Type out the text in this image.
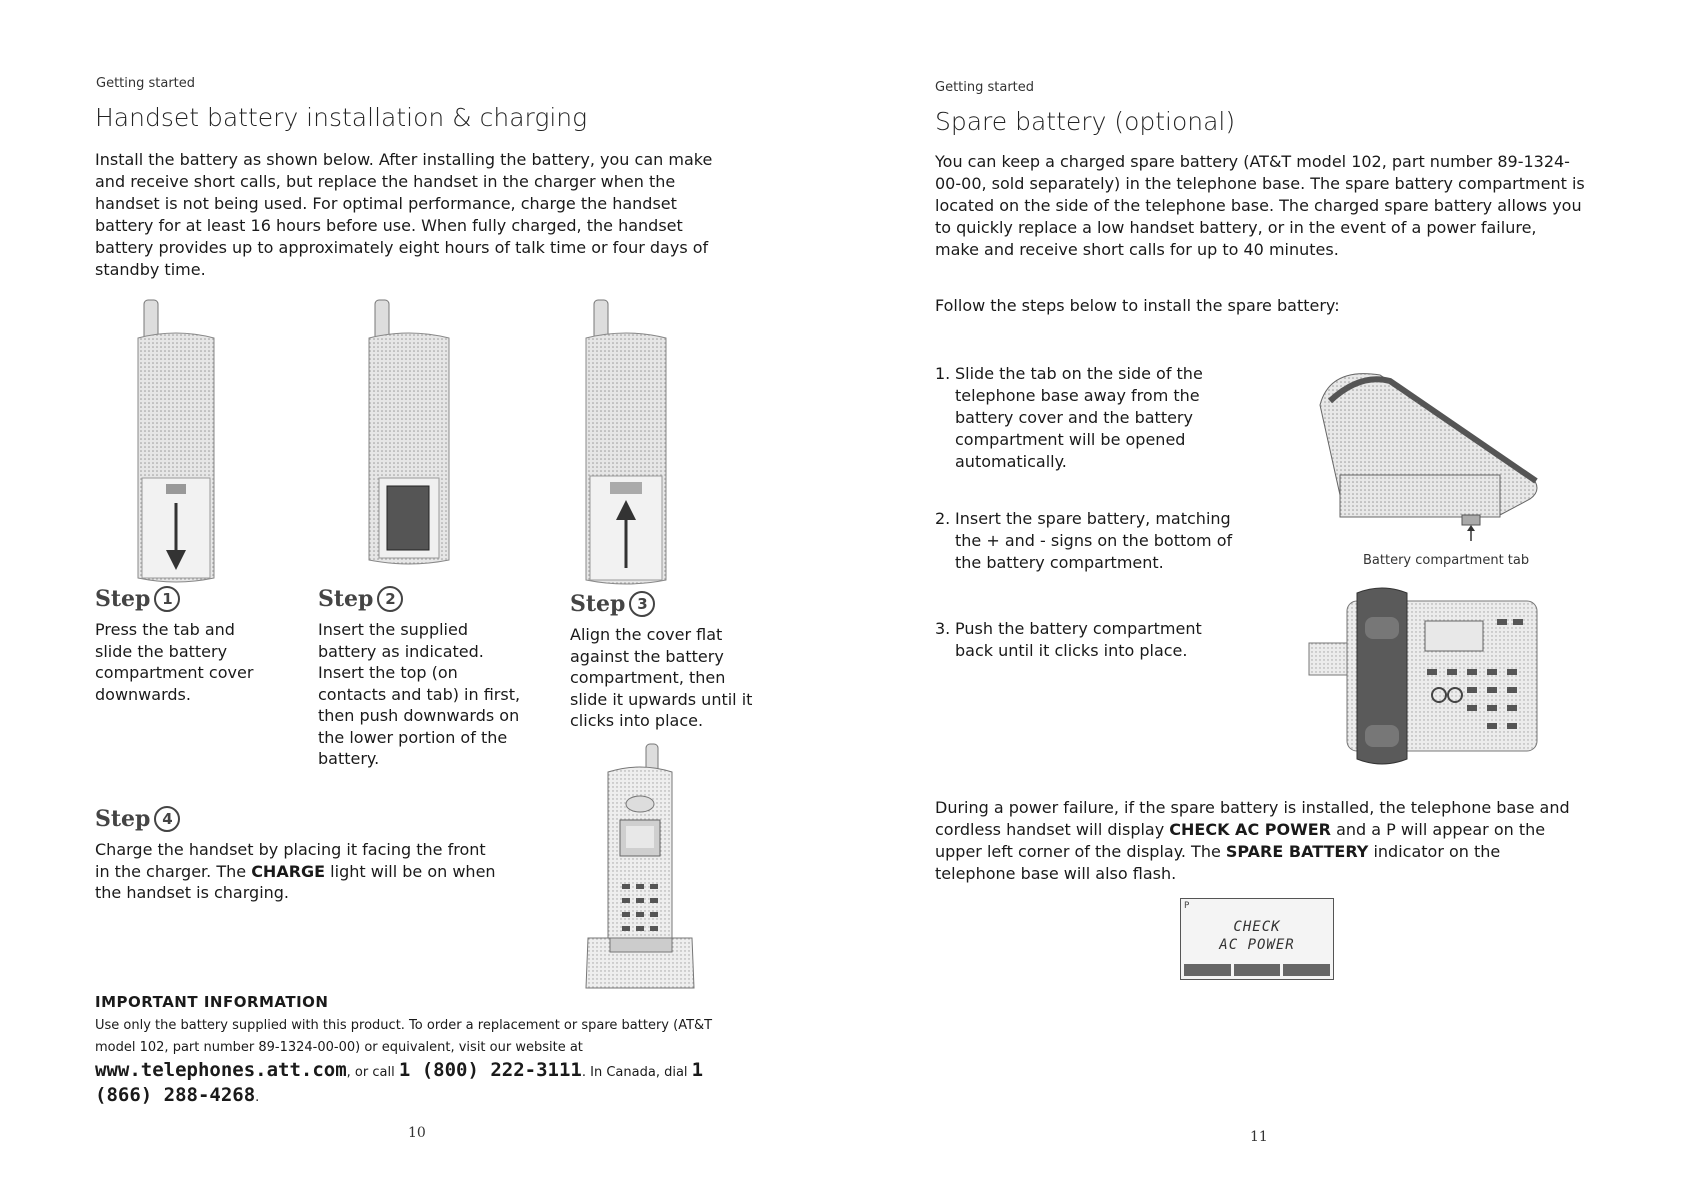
Getting started
Handset battery installation & charging

Install the battery as shown below. After installing the battery, you can make and receive short calls, but replace the handset in the charger when the handset is not being used. For optimal performance, charge the handset battery for at least 16 hours before use. When fully charged, the handset battery provides up to approximately eight hours of talk time or four days of standby time.

Step 1

Press the tab and slide the battery compartment cover downwards.

Step 2

Insert the supplied battery as indicated. Insert the top (on contacts and tab) in first, then push downwards on the lower portion of the battery.

Step 3

Align the cover flat against the battery compartment, then slide it upwards until it clicks into place.

Step 4

Charge the handset by placing it facing the front in the charger. The CHARGE light will be on when the handset is charging.

IMPORTANT INFORMATION

Use only the battery supplied with this product. To order a replacement or spare battery (AT&T model 102, part number 89-1324-00-00) or equivalent, visit our website at www.telephones.att.com, or call 1 (800) 222-3111. In Canada, dial 1 (866) 288-4268.

10
Getting started
Spare battery (optional)

You can keep a charged spare battery (AT&T model 102, part number 89-1324-00-00, sold separately) in the telephone base. The spare battery compartment is located on the side of the telephone base. The charged spare battery allows you to quickly replace a low handset battery, or in the event of a power failure, make and receive short calls for up to 40 minutes.

Follow the steps below to install the spare battery:

1. Slide the tab on the side of the telephone base away from the battery cover and the battery compartment will be opened automatically.
2. Insert the spare battery, matching the + and - signs on the bottom of the battery compartment.
3. Push the battery compartment back until it clicks into place.
Battery compartment tab

During a power failure, if the spare battery is installed, the telephone base and cordless handset will display CHECK AC POWER and a P will appear on the upper left corner of the display. The SPARE BATTERY indicator on the telephone base will also flash.

P
CHECK
AC POWER
11
